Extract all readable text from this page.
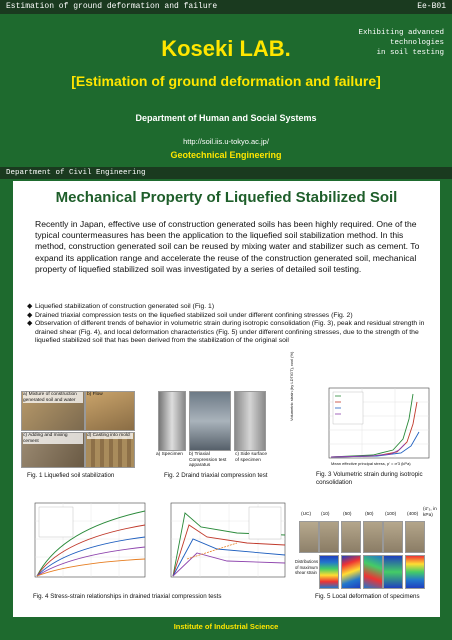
Estimation of ground deformation and failure	Ee-B01
Exhibiting advanced
technologies
in soil testing
Koseki LAB.
[Estimation of ground deformation and failure]
Department of Human and Social Systems
http://soil.iis.u-tokyo.ac.jp/
Geotechnical Engineering
Department of Civil Engineering
Mechanical Property of Liquefied Stabilized Soil
Recently in Japan, effective use of construction generated soils has been highly required. One of the typical countermeasures has been the application to the liquefied soil stabilization method. In this method, construction generated soil can be reused by mixing water and stabilizer such as cement. To expand its application range and accelerate the reuse of the construction generated soil, mechanical property of liquefied stabilized soil was investigated by a series of detailed soil testing.
◆ Liquefied stabilization of construction generated soil (Fig. 1)
◆ Drained triaxial compression tests on the liquefied stabilized soil under different confining stresses (Fig. 2)
◆ Observation of different trends of behavior in volumetric strain during isotropic consolidation (Fig. 3), peak and residual strength in drained shear (Fig. 4), and local deformation characteristics (Fig. 5) under different confining stresses, due to the strength of the liquefied stabilized soil that has been derived from the stabilization of the original soil
a) Mixture of construction generated soil and water
b) Flow
c) Adding and mixing cement
d) Casting into mold
Fig. 1 Liquefied soil stabilization
a) Specimen b) Triaxial Compression test apparatus
c) Side surface of specimen
Fig. 2 Draind triaxial compression test
Volumetric strain (by LDT/GT), εvol (%)
Mean effective principal stress, p' = σ'3 (kPa)
Fig. 3 Volumetric strain during isotropic consolidation
Fig. 4 Stress-strain relationships in drained triaxial compression tests
(UC) (10)	(50)	(50) (100) (400)
(σ'₃, in kPa)
Distributions of maximum shear strain
Fig. 5 Local deformation of specimens
Institute of Industrial Science
